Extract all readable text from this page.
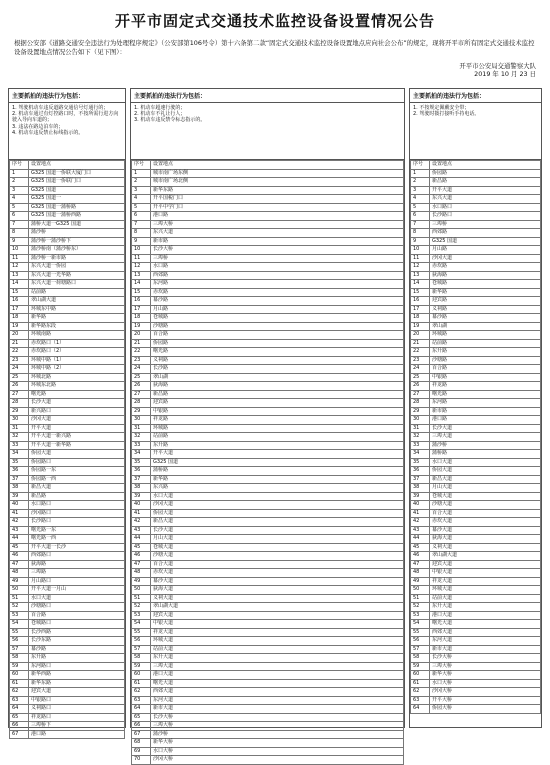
开平市固定式交通技术监控设备设置情况公告
根据公安部《道路交通安全违法行为处理程序规定》（公安部第106号令）第十六条第二款“固定式交通技术监控设备设置地点应向社会公布”的规定，现将开平市所有固定式交通技术监控设备设置地点情况公告如下（见下图）：
开平市公安局交通警察大队
2019 年 10 月 23 日
主要抓拍的违法行为包括：
1. 驾驶机动车违反道路交通信号灯通行的；
2. 机动车通过有灯控路口时，不按所需行进方向驶入导向车道的；
3. 违法在路边泊车的；
4. 机动车违反禁止标线指示的。
序号	设置地点
1	G325 国道一侨联大厦门口
2	G325 国道一侨联门口
3	G325 国道
4	G325 国道一
5	G325 国道一蒲桥路
6	G325 国道一蒲桥西路
7	蒲桥大道一G325 国道
8	蒲沙桥
9	蒲沙桥一蒲沙桥下
10	蒲沙桥南（蒲沙桥东）
11	蒲沙桥一新市路
12	东兴大道一侨园
13	东兴大道一光华路
14	东兴大道一荷塘路口
15	站前路
16	翠山湖大道
17	环城东中路
18	新华路
19	新华路东段
20	环城南路
21	赤坎路口（1）
22	赤坎路口（2）
23	环城中路（1）
24	环城中路（2）
25	环城北路
26	环城东北路
27	曙光路
28	长沙大道
29	新兴路口
30	沙冈大道
31	开平大道
32	开平大道一新兴路
33	开平大道一新华路
34	侨园大道
35	侨园路口
36	侨园路一东
37	侨园路一西
38	新昌大道
39	新昌路
40	水口路口
41	沙冈路口
42	长沙路口
43	曙光路一东
44	曙光路一西
45	开平大道一长沙
46	西郊路口
47	荻海路
48	三埠路
49	月山路口
50	开平大道一月山
51	水口大道
52	沙塘路口
53	百合路
54	苍城路口
55	长沙西路
56	长沙东路
57	幕沙路
58	东升路
59	东河路口
60	新华西路
61	新华东路
62	迎宾大道
63	中银路口
64	义祠路口
65	祥龙路口
66	三埠桥下
67	港口路
主要抓拍的违法行为包括：
1. 机动车超速行驶的；
2. 机动车不礼让行人；
3. 机动车违反禁令标志指示的。
序号	设置地点
1	城市南广场东侧
2	城市南广场北侧
3	新华东路
4	开平国税门口
5	开平中学门口
6	港口路
7	三埠大桥
8	东兴大道
9	新市路
10	长沙大桥
11	三埠桥
12	水口路
13	西郊路
14	东河路
15	赤坎路
16	幕沙路
17	月山路
18	苍城路
19	沙塘路
20	百合路
21	侨园路
22	曙光路
23	义祠路
24	长沙路
25	翠山湖
26	荻海路
27	新昌路
28	迎宾路
29	中银路
30	祥龙路
31	环城路
32	站前路
33	东升路
34	开平大道
35	G325 国道
36	蒲桥路
37	新华路
38	东兴路
39	水口大道
40	沙冈大道
41	侨园大道
42	新昌大道
43	长沙大道
44	月山大道
45	苍城大道
46	沙塘大道
47	百合大道
48	赤坎大道
49	幕沙大道
50	荻海大道
51	义祠大道
52	翠山湖大道
53	迎宾大道
54	中银大道
55	祥龙大道
56	环城大道
57	站前大道
58	东升大道
59	三埠大道
60	港口大道
61	曙光大道
62	西郊大道
63	东河大道
64	新市大道
65	长沙大桥
66	三埠大桥
67	蒲沙桥
68	新华大桥
69	水口大桥
70	沙冈大桥
主要抓拍的违法行为包括：
1. 不按规定佩戴安全带；
2. 驾驶时拨打接听手持电话。
序号	设置地点
1	侨园路
2	新昌路
3	开平大道
4	东兴大道
5	水口路口
6	长沙路口
7	三埠桥
8	西郊路
9	G325 国道
10	月山路
11	沙冈大道
12	赤坎路
13	荻海路
14	苍城路
15	新华路
16	迎宾路
17	义祠路
18	幕沙路
19	翠山湖
20	环城路
21	站前路
22	东升路
23	沙塘路
24	百合路
25	中银路
26	祥龙路
27	曙光路
28	东河路
29	新市路
30	港口路
31	长沙大道
32	三埠大道
33	蒲沙桥
34	蒲桥路
35	水口大道
36	侨园大道
37	新昌大道
38	月山大道
39	苍城大道
40	沙塘大道
41	百合大道
42	赤坎大道
43	幕沙大道
44	荻海大道
45	义祠大道
46	翠山湖大道
47	迎宾大道
48	中银大道
49	祥龙大道
50	环城大道
51	站前大道
52	东升大道
53	港口大道
54	曙光大道
55	西郊大道
56	东河大道
57	新市大道
58	长沙大桥
59	三埠大桥
60	新华大桥
61	水口大桥
62	沙冈大桥
63	开平大桥
64	侨园大桥
